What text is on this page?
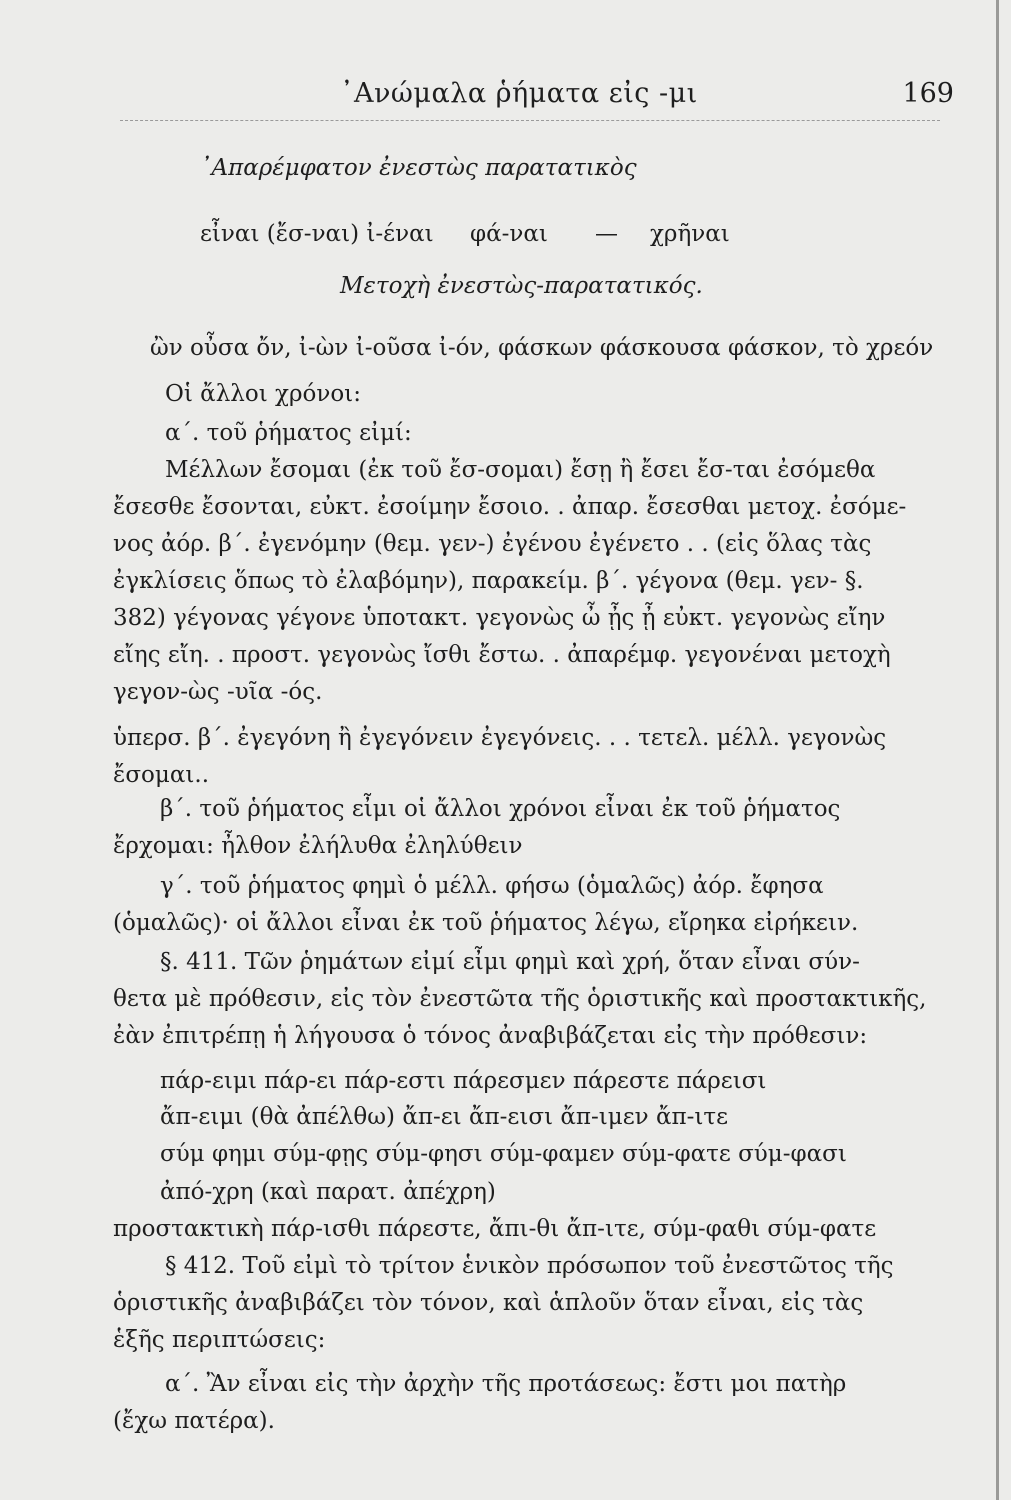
᾿Ανώμαλα ῥήματα εἰς -μι	169
᾿Απαρέμφατον ἐνεστὼς παρατατικὸς
εἶναι (ἔσ-ναι) ἰ-έναι φά-ναι — χρῆναι
Μετοχὴ ἐνεστὼς-παρατατικός.
ὢν οὖσα ὄν, ἰ-ὼν ἰ-οῦσα ἰ-όν, φάσκων φάσκουσα φάσκον, τὸ χρεόν
Οἱ ἄλλοι χρόνοι:
α΄. τοῦ ῥήματος εἰμί:
Μέλλων ἔσομαι (ἐκ τοῦ ἔσ-σομαι) ἔσῃ ἢ ἔσει ἔσ-ται ἐσόμεθα
ἔσεσθε ἔσονται, εὐκτ. ἐσοίμην ἔσοιο. . ἀπαρ. ἔσεσθαι μετοχ. ἐσόμε-
νος ἀόρ. β΄. ἐγενόμην (θεμ. γεν-) ἐγένου ἐγένετο . . (εἰς ὅλας τὰς
ἐγκλίσεις ὅπως τὸ ἐλαβόμην), παρακείμ. β΄. γέγονα (θεμ. γεν- §.
382) γέγονας γέγονε ὑποτακτ. γεγονὼς ὦ ᾖς ᾖ εὐκτ. γεγονὼς εἴην
εἴης εἴη. . προστ. γεγονὼς ἴσθι ἔστω. . ἀπαρέμφ. γεγονέναι μετοχὴ
γεγον-ὼς -υῖα -ός.
ὑπερσ. β΄. ἐγεγόνη ἢ ἐγεγόνειν ἐγεγόνεις. . . τετελ. μέλλ. γεγονὼς
ἔσομαι..
β΄. τοῦ ῥήματος εἶμι οἱ ἄλλοι χρόνοι εἶναι ἐκ τοῦ ῥήματος
ἔρχομαι: ἦλθον ἐλήλυθα ἐληλύθειν
γ΄. τοῦ ῥήματος φημὶ ὁ μέλλ. φήσω (ὁμαλῶς) ἀόρ. ἔφησα
(ὁμαλῶς)· οἱ ἄλλοι εἶναι ἐκ τοῦ ῥήματος λέγω, εἴρηκα εἰρήκειν.
§. 411. Τῶν ῥημάτων εἰμί εἶμι φημὶ καὶ χρή, ὅταν εἶναι σύν-
θετα μὲ πρόθεσιν, εἰς τὸν ἐνεστῶτα τῆς ὁριστικῆς καὶ προστακτικῆς,
ἐὰν ἐπιτρέπῃ ἡ λήγουσα ὁ τόνος ἀναβιβάζεται εἰς τὴν πρόθεσιν:
πάρ-ειμι πάρ-ει πάρ-εστι πάρεσμεν πάρεστε πάρεισι
ἄπ-ειμι (θὰ ἀπέλθω) ἄπ-ει ἄπ-εισι ἄπ-ιμεν ἄπ-ιτε
σύμ φημι σύμ-φῃς σύμ-φησι σύμ-φαμεν σύμ-φατε σύμ-φασι
ἀπό-χρη (καὶ παρατ. ἀπέχρη)
προστακτικὴ πάρ-ισθι πάρεστε, ἄπι-θι ἄπ-ιτε, σύμ-φαθι σύμ-φατε
§ 412. Τοῦ εἰμὶ τὸ τρίτον ἑνικὸν πρόσωπον τοῦ ἐνεστῶτος τῆς
ὁριστικῆς ἀναβιβάζει τὸν τόνον, καὶ ἁπλοῦν ὅταν εἶναι, εἰς τὰς
ἑξῆς περιπτώσεις:
α΄. Ἂν εἶναι εἰς τὴν ἀρχὴν τῆς προτάσεως: ἔστι μοι πατὴρ
(ἔχω πατέρα).
